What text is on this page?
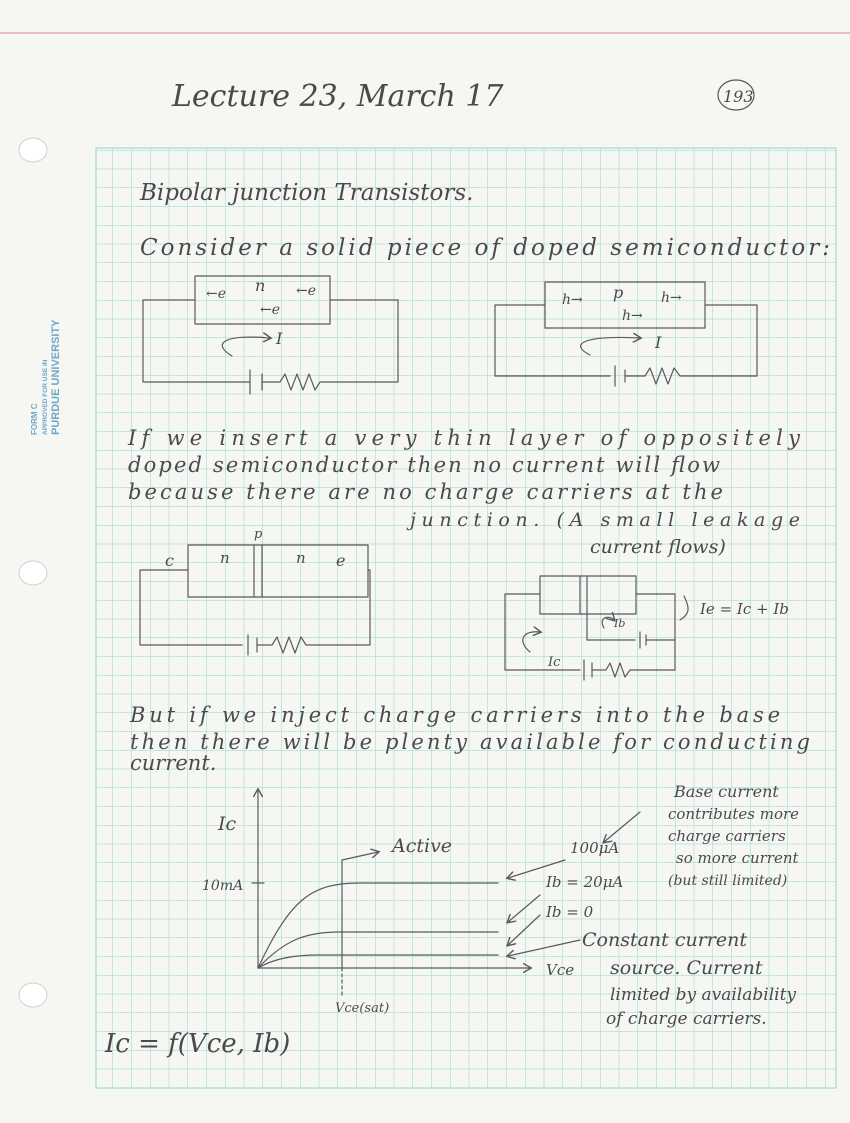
FORM C APPROVED FOR USE IN PURDUE UNIVERSITY
Lecture 23, March 17	193
Bipolar junction Transistors.
Consider a solid piece of doped semiconductor:
n
←e	←e
←e
I
p
h→	h→
h→
I
If we insert a very thin layer of oppositely
doped semiconductor then no current will flow
because there are no charge carriers at the
junction. (A small leakage
current flows)
c	n
p
n e
Ib
Ic
Ie = Ic + Ib
But if we inject charge carriers into the base
then there will be plenty available for conducting
current.
Ic
Vce
10mA
Vce(sat)
Active	100μA
Ib = 20μA
Ib = 0
Base current
contributes more
charge carriers
so more current
(but still limited)
Constant current
source. Current
limited by availability
of charge carriers.
Ic = f(Vce, Ib)
